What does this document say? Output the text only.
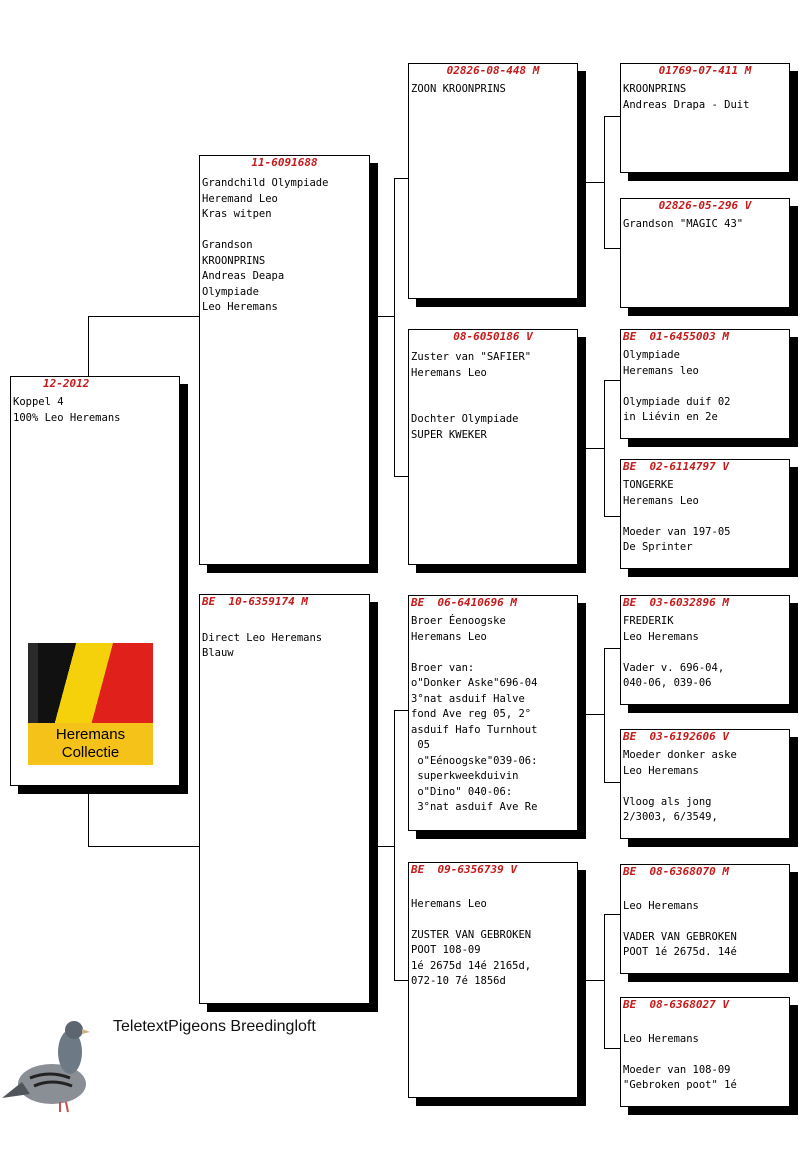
12-2012
Koppel 4
100% Leo Heremans
Heremans
Collectie
11-6091688
Grandchild Olympiade
Heremand Leo
Kras witpen

Grandson
KROONPRINS
Andreas Deapa
Olympiade
Leo Heremans
BE  10-6359174 M

Direct Leo Heremans
Blauw
02826-08-448 M
ZOON KROONPRINS
08-6050186 V
Zuster van "SAFIER"
Heremans Leo

Dochter Olympiade
SUPER KWEKER
BE  06-6410696 M
Broer Éenoogske
Heremans Leo

Broer van:
o"Donker Aske"696-04
3°nat asduif Halve
fond Ave reg 05, 2°
asduif Hafo Turnhout
05
o"Eénoogske"039-06:
superkweekduivin
o"Dino" 040-06:
3°nat asduif Ave Re
BE  09-6356739 V

Heremans Leo

ZUSTER VAN GEBROKEN
POOT 108-09
1é 2675d 14é 2165d,
072-10 7é 1856d
01769-07-411 M
KROONPRINS
Andreas Drapa - Duit
02826-05-296 V
Grandson "MAGIC 43"
BE  01-6455003 M
Olympiade
Heremans leo

Olympiade duif 02
in Liévin en 2e
BE  02-6114797 V
TONGERKE
Heremans Leo

Moeder van 197-05
De Sprinter
BE  03-6032896 M
FREDERIK
Leo Heremans

Vader v. 696-04,
040-06, 039-06
BE  03-6192606 V
Moeder donker aske
Leo Heremans

Vloog als jong
2/3003, 6/3549,
BE  08-6368070 M

Leo Heremans

VADER VAN GEBROKEN
POOT 1é 2675d. 14é
BE  08-6368027 V

Leo Heremans

Moeder van 108-09
"Gebroken poot" 1é
TeletextPigeons Breedingloft
